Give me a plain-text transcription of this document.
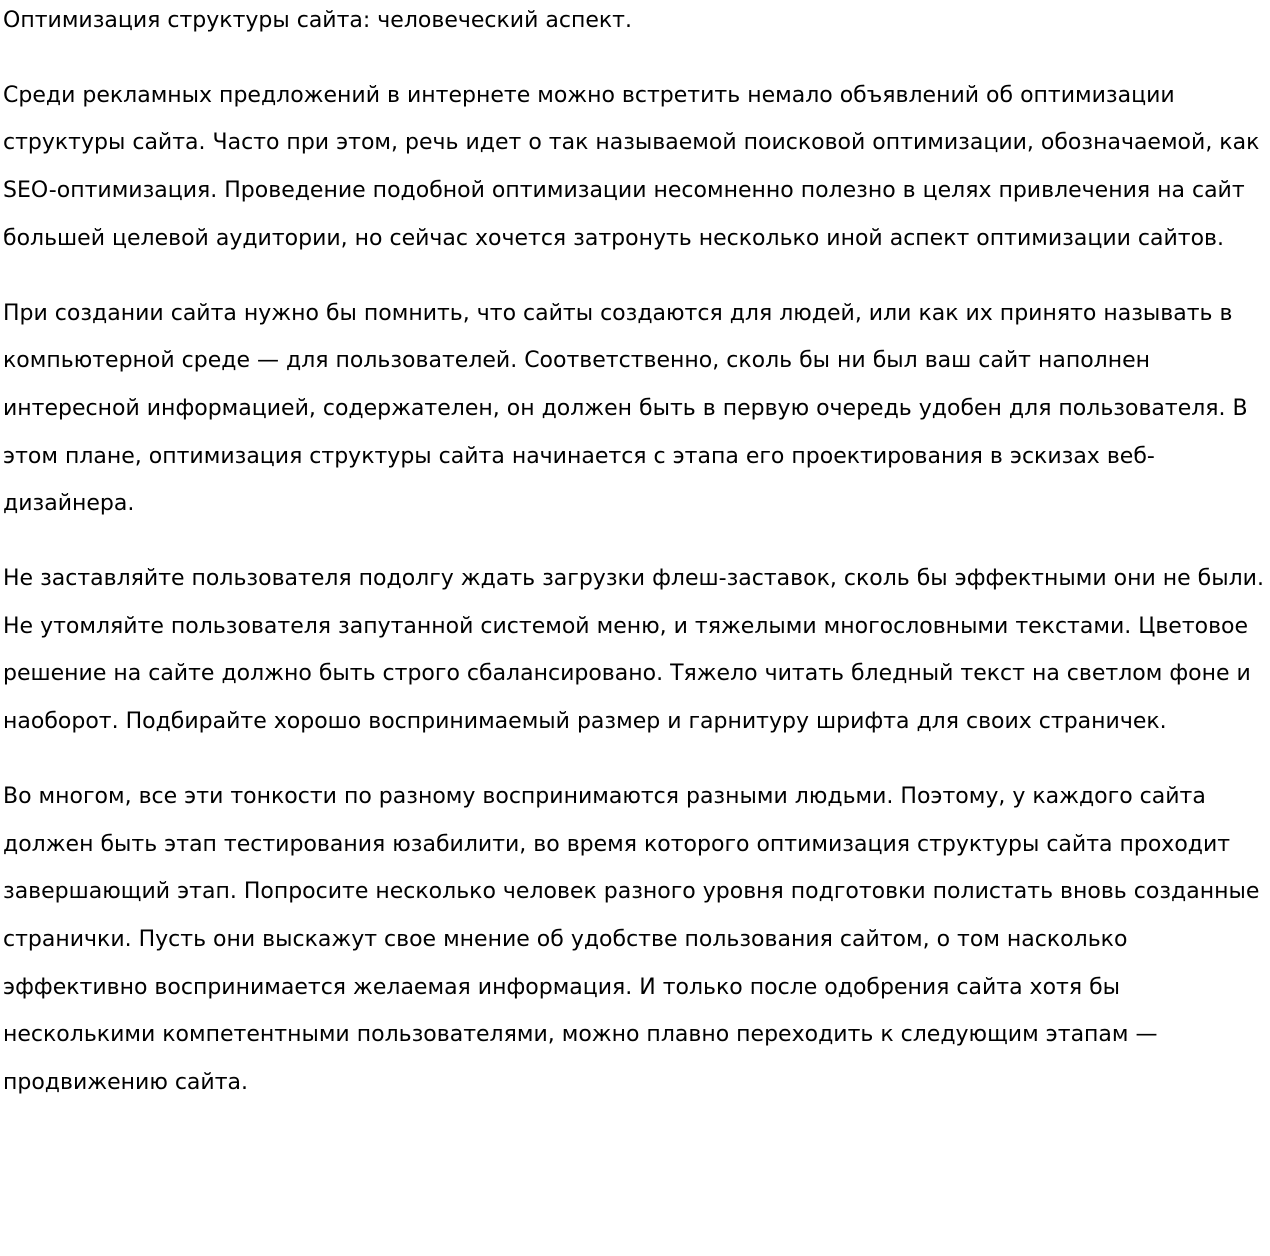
Оптимизация структуры сайта: человеческий аспект.

Среди рекламных предложений в интернете можно встретить немало объявлений об оптимизации структуры сайта. Часто при этом, речь идет о так называемой поисковой оптимизации, обозначаемой, как SEO-оптимизация. Проведение подобной оптимизации несомненно полезно в целях привлечения на сайт большей целевой аудитории, но сейчас хочется затронуть несколько иной аспект оптимизации сайтов.

При создании сайта нужно бы помнить, что сайты создаются для людей, или как их принято называть в компьютерной среде — для пользователей. Соответственно, сколь бы ни был ваш сайт наполнен интересной информацией, содержателен, он должен быть в первую очередь удобен для пользователя. В этом плане, оптимизация структуры сайта начинается с этапа его проектирования в эскизах веб-дизайнера.

Не заставляйте пользователя подолгу ждать загрузки флеш-заставок, сколь бы эффектными они не были. Не утомляйте пользователя запутанной системой меню, и тяжелыми многословными текстами. Цветовое решение на сайте должно быть строго сбалансировано. Тяжело читать бледный текст на светлом фоне и наоборот. Подбирайте хорошо воспринимаемый размер и гарнитуру шрифта для своих страничек.

Во многом, все эти тонкости по разному воспринимаются разными людьми. Поэтому, у каждого сайта должен быть этап тестирования юзабилити, во время которого оптимизация структуры сайта проходит завершающий этап. Попросите несколько человек разного уровня подготовки полистать вновь созданные странички. Пусть они выскажут свое мнение об удобстве пользования сайтом, о том насколько эффективно воспринимается желаемая информация. И только после одобрения сайта хотя бы несколькими компетентными пользователями, можно плавно переходить к следующим этапам — продвижению сайта.
